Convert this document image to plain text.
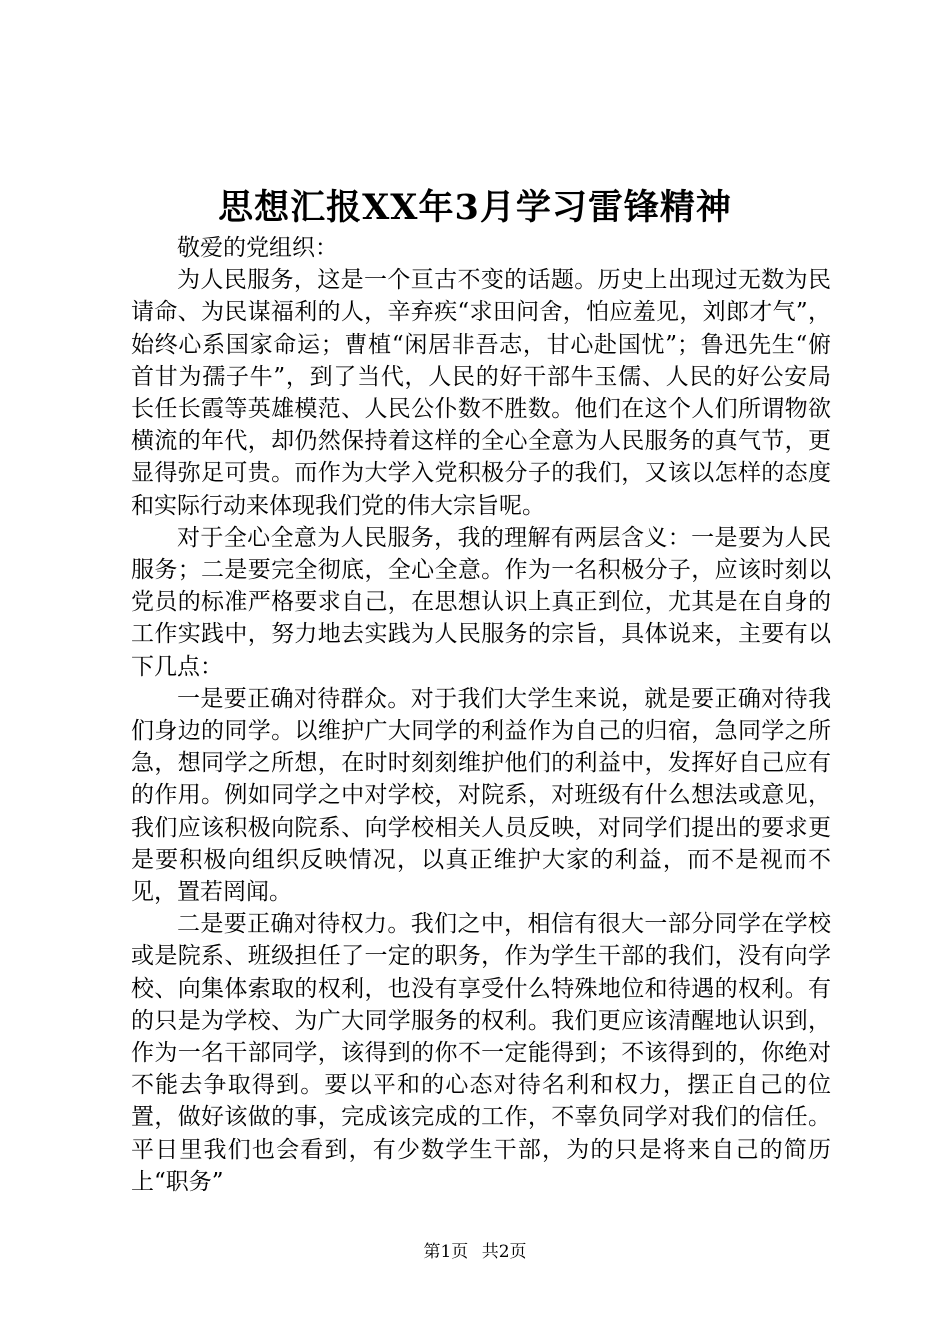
思想汇报XX年3月学习雷锋精神

敬爱的党组织：

为人民服务，这是一个亘古不变的话题。历史上出现过无数为民请命、为民谋福利的人，辛弃疾“求田问舍，怕应羞见，刘郎才气”，始终心系国家命运；曹植“闲居非吾志，甘心赴国忧”；鲁迅先生“俯首甘为孺子牛”，到了当代，人民的好干部牛玉儒、人民的好公安局长任长霞等英雄模范、人民公仆数不胜数。他们在这个人们所谓物欲横流的年代，却仍然保持着这样的全心全意为人民服务的真气节，更显得弥足可贵。而作为大学入党积极分子的我们，又该以怎样的态度和实际行动来体现我们党的伟大宗旨呢。

对于全心全意为人民服务，我的理解有两层含义：一是要为人民服务；二是要完全彻底，全心全意。作为一名积极分子，应该时刻以党员的标准严格要求自己，在思想认识上真正到位，尤其是在自身的工作实践中，努力地去实践为人民服务的宗旨，具体说来，主要有以下几点：

一是要正确对待群众。对于我们大学生来说，就是要正确对待我们身边的同学。以维护广大同学的利益作为自己的归宿，急同学之所急，想同学之所想，在时时刻刻维护他们的利益中，发挥好自己应有的作用。例如同学之中对学校，对院系，对班级有什么想法或意见，我们应该积极向院系、向学校相关人员反映，对同学们提出的要求更是要积极向组织反映情况，以真正维护大家的利益，而不是视而不见，置若罔闻。

二是要正确对待权力。我们之中，相信有很大一部分同学在学校或是院系、班级担任了一定的职务，作为学生干部的我们，没有向学校、向集体索取的权利，也没有享受什么特殊地位和待遇的权利。有的只是为学校、为广大同学服务的权利。我们更应该清醒地认识到，作为一名干部同学，该得到的你不一定能得到；不该得到的，你绝对不能去争取得到。要以平和的心态对待名利和权力，摆正自己的位置，做好该做的事，完成该完成的工作，不辜负同学对我们的信任。平日里我们也会看到，有少数学生干部，为的只是将来自己的简历上“职务”

第1页 共2页
